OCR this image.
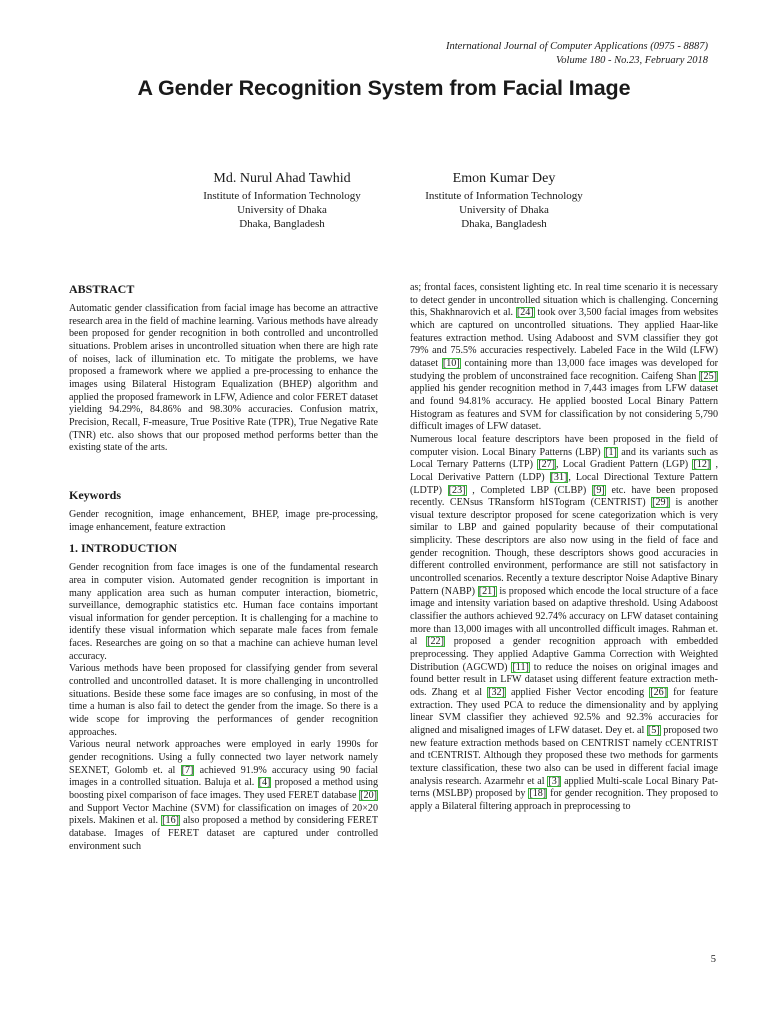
International Journal of Computer Applications (0975 - 8887)
Volume 180 - No.23, February 2018
A Gender Recognition System from Facial Image
Md. Nurul Ahad Tawhid
Institute of Information Technology
University of Dhaka
Dhaka, Bangladesh
Emon Kumar Dey
Institute of Information Technology
University of Dhaka
Dhaka, Bangladesh
ABSTRACT

Automatic gender classification from facial image has become an attractive research area in the field of machine learning. Various methods have already been proposed for gender recognition in both controlled and uncontrolled situations. Problem arises in uncontrolled situation when there are high rate of noises, lack of illumination etc. To mitigate the problems, we have proposed a framework where we applied a pre-processing to enhance the images using Bilateral Histogram Equalization (BHEP) algorithm and applied the proposed framework in LFW, Adience and color FERET dataset yielding 94.29%, 84.86% and 98.30% accuracies. Confusion matrix, Precision, Recall, F-measure, True Positive Rate (TPR), True Negative Rate (TNR) etc. also shows that our proposed method performs better than the existing state of the arts.

Keywords

Gender recognition, image enhancement, BHEP, image pre-processing, image enhancement, feature extraction

1. INTRODUCTION

Gender recognition from face images is one of the fundamental research area in computer vision. Automated gender recognition is important in many application area such as human computer interaction, biometric, surveillance, demographic statistics etc. Human face contains important visual information for gender perception. It is challenging for a machine to identify these visual information which separate male faces from female faces. Researches are going on so that a machine can achieve human level accuracy.

Various methods have been proposed for classifying gender from several controlled and uncontrolled dataset. It is more challenging in uncontrolled situations. Beside these some face images are so confusing, in most of the time a human is also fail to detect the gender from the image. So there is a wide scope for improving the performances of gender recognition approaches.

Various neural network approaches were employed in early 1990s for gender recognitions. Using a fully connected two layer network namely SEXNET, Golomb et. al [7] achieved 91.9% accuracy using 90 facial images in a controlled situation. Baluja et al. [4] proposed a method using boosting pixel comparison of face images. They used FERET database [20] and Support Vector Machine (SVM) for classification on images of 20×20 pixels. Makinen et al. [16] also proposed a method by considering FERET database. Images of FERET dataset are captured under controlled environment such

as; frontal faces, consistent lighting etc. In real time scenario it is necessary to detect gender in uncontrolled situation which is challenging. Concerning this, Shakhnarovich et al. [24] took over 3,500 facial images from websites which are captured on uncontrolled situations. They applied Haar-like features extraction method. Using Adaboost and SVM classifier they got 79% and 75.5% accuracies respectively. Labeled Face in the Wild (LFW) dataset [10] containing more than 13,000 face images was developed for studying the problem of unconstrained face recognition. Caifeng Shan [25] applied his gender recognition method in 7,443 images from LFW dataset and found 94.81% accuracy. He applied boosted Local Binary Pattern Histogram as features and SVM for classification by not considering 5,790 difficult images of LFW dataset.

Numerous local feature descriptors have been proposed in the field of computer vision. Local Binary Patterns (LBP) [1] and its variants such as Local Ternary Patterns (LTP) [27], Local Gradient Pattern (LGP) [12] , Local Derivative Pattern (LDP) [31], Local Directional Texture Pattern (LDTP) [23] , Completed LBP (CLBP) [9] etc. have been proposed recently. CENsus TRansform hISTogram (CENTRIST) [29] is another visual texture descriptor proposed for scene categorization which is very similar to LBP and gained popularity because of their computational simplicity. These descriptors are also now using in the field of face and gender recognition. Though, these descriptors shows good accuracies in different controlled environment, performance are still not satisfactory in uncontrolled scenarios. Recently a texture descriptor Noise Adaptive Binary Pattern (NABP) [21] is proposed which encode the local structure of a face image and intensity variation based on adaptive threshold. Using Adaboost classifier the authors achieved 92.74% accuracy on LFW dataset containing more than 13,000 images with all uncontrolled difficult images. Rahman et. al [22] proposed a gender recognition approach with embedded preprocessing. They applied Adaptive Gamma Correction with Weighted Distribution (AGCWD) [11] to reduce the noises on original images and found better result in LFW dataset using different feature extraction methods. Zhang et al [32] applied Fisher Vector encoding [26] for feature extraction. They used PCA to reduce the dimensionality and by applying linear SVM classifier they achieved 92.5% and 92.3% accuracies for aligned and misaligned images of LFW dataset. Dey et. al [5] proposed two new feature extraction methods based on CENTRIST namely cCENTRIST and tCENTRIST. Although they proposed these two methods for garments texture classification, these two also can be used in different facial image analysis research. Azarmehr et al [3] applied Multi-scale Local Binary Patterns (MSLBP) proposed by [18] for gender recognition. They proposed to apply a Bilateral filtering approach in preprocessing to

5
